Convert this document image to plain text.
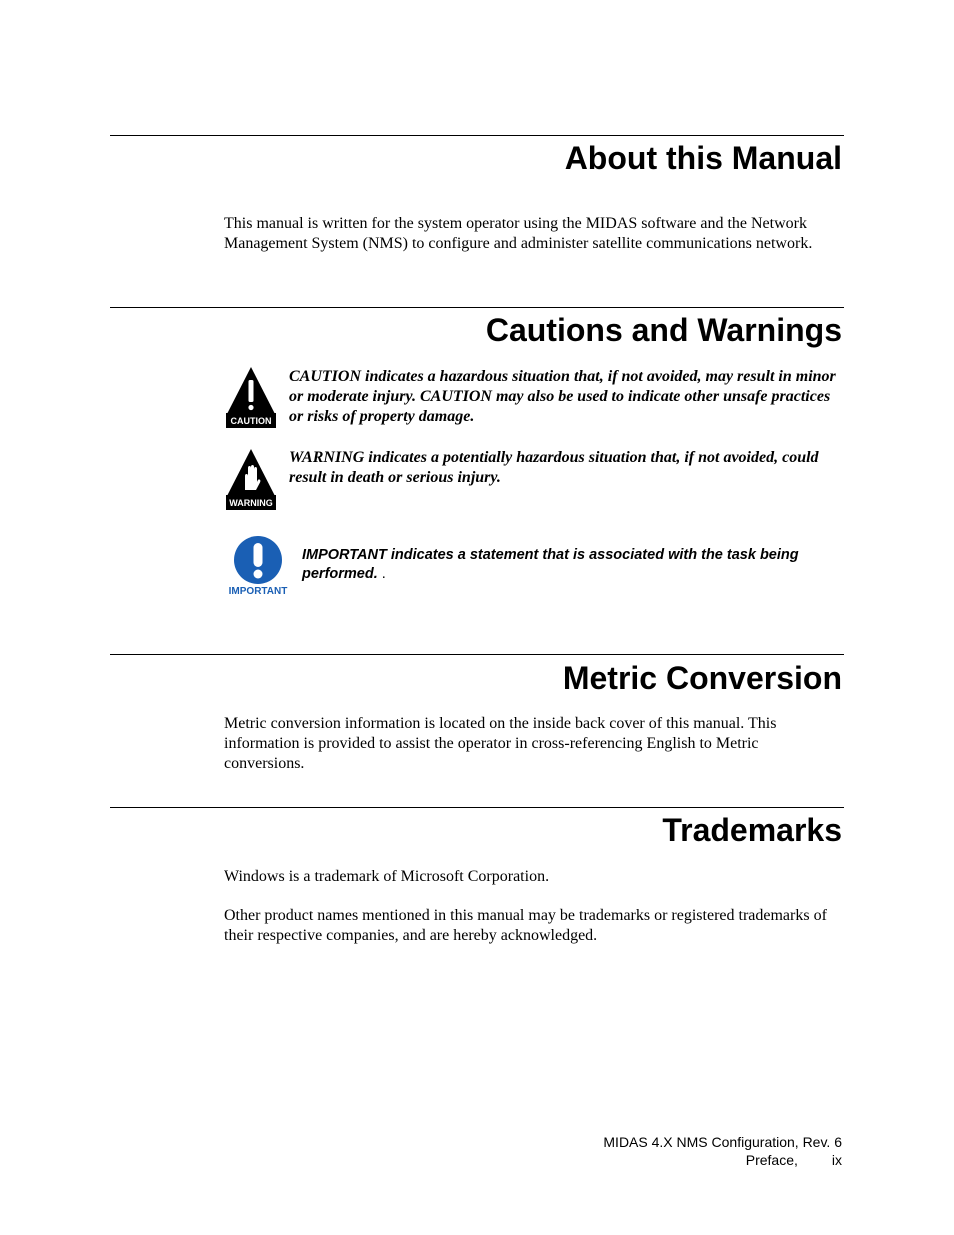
About this Manual

This manual is written for the system operator using the MIDAS software and the Network Management System (NMS) to configure and administer satellite communications network.

Cautions and Warnings
CAUTION

CAUTION indicates a hazardous situation that, if not avoided, may result in minor or moderate injury. CAUTION may also be used to indicate other unsafe practices or risks of property damage.

WARNING

WARNING indicates a potentially hazardous situation that, if not avoided, could result in death or serious injury.

IMPORTANT

IMPORTANT indicates a statement that is associated with the task being performed. .

Metric Conversion

Metric conversion information is located on the inside back cover of this manual. This information is provided to assist the operator in cross-referencing English to Metric conversions.

Trademarks

Windows is a trademark of Microsoft Corporation.

Other product names mentioned in this manual may be trademarks or registered trademarks of their respective companies, and are hereby acknowledged.

MIDAS 4.X NMS Configuration, Rev. 6
Preface, ix
